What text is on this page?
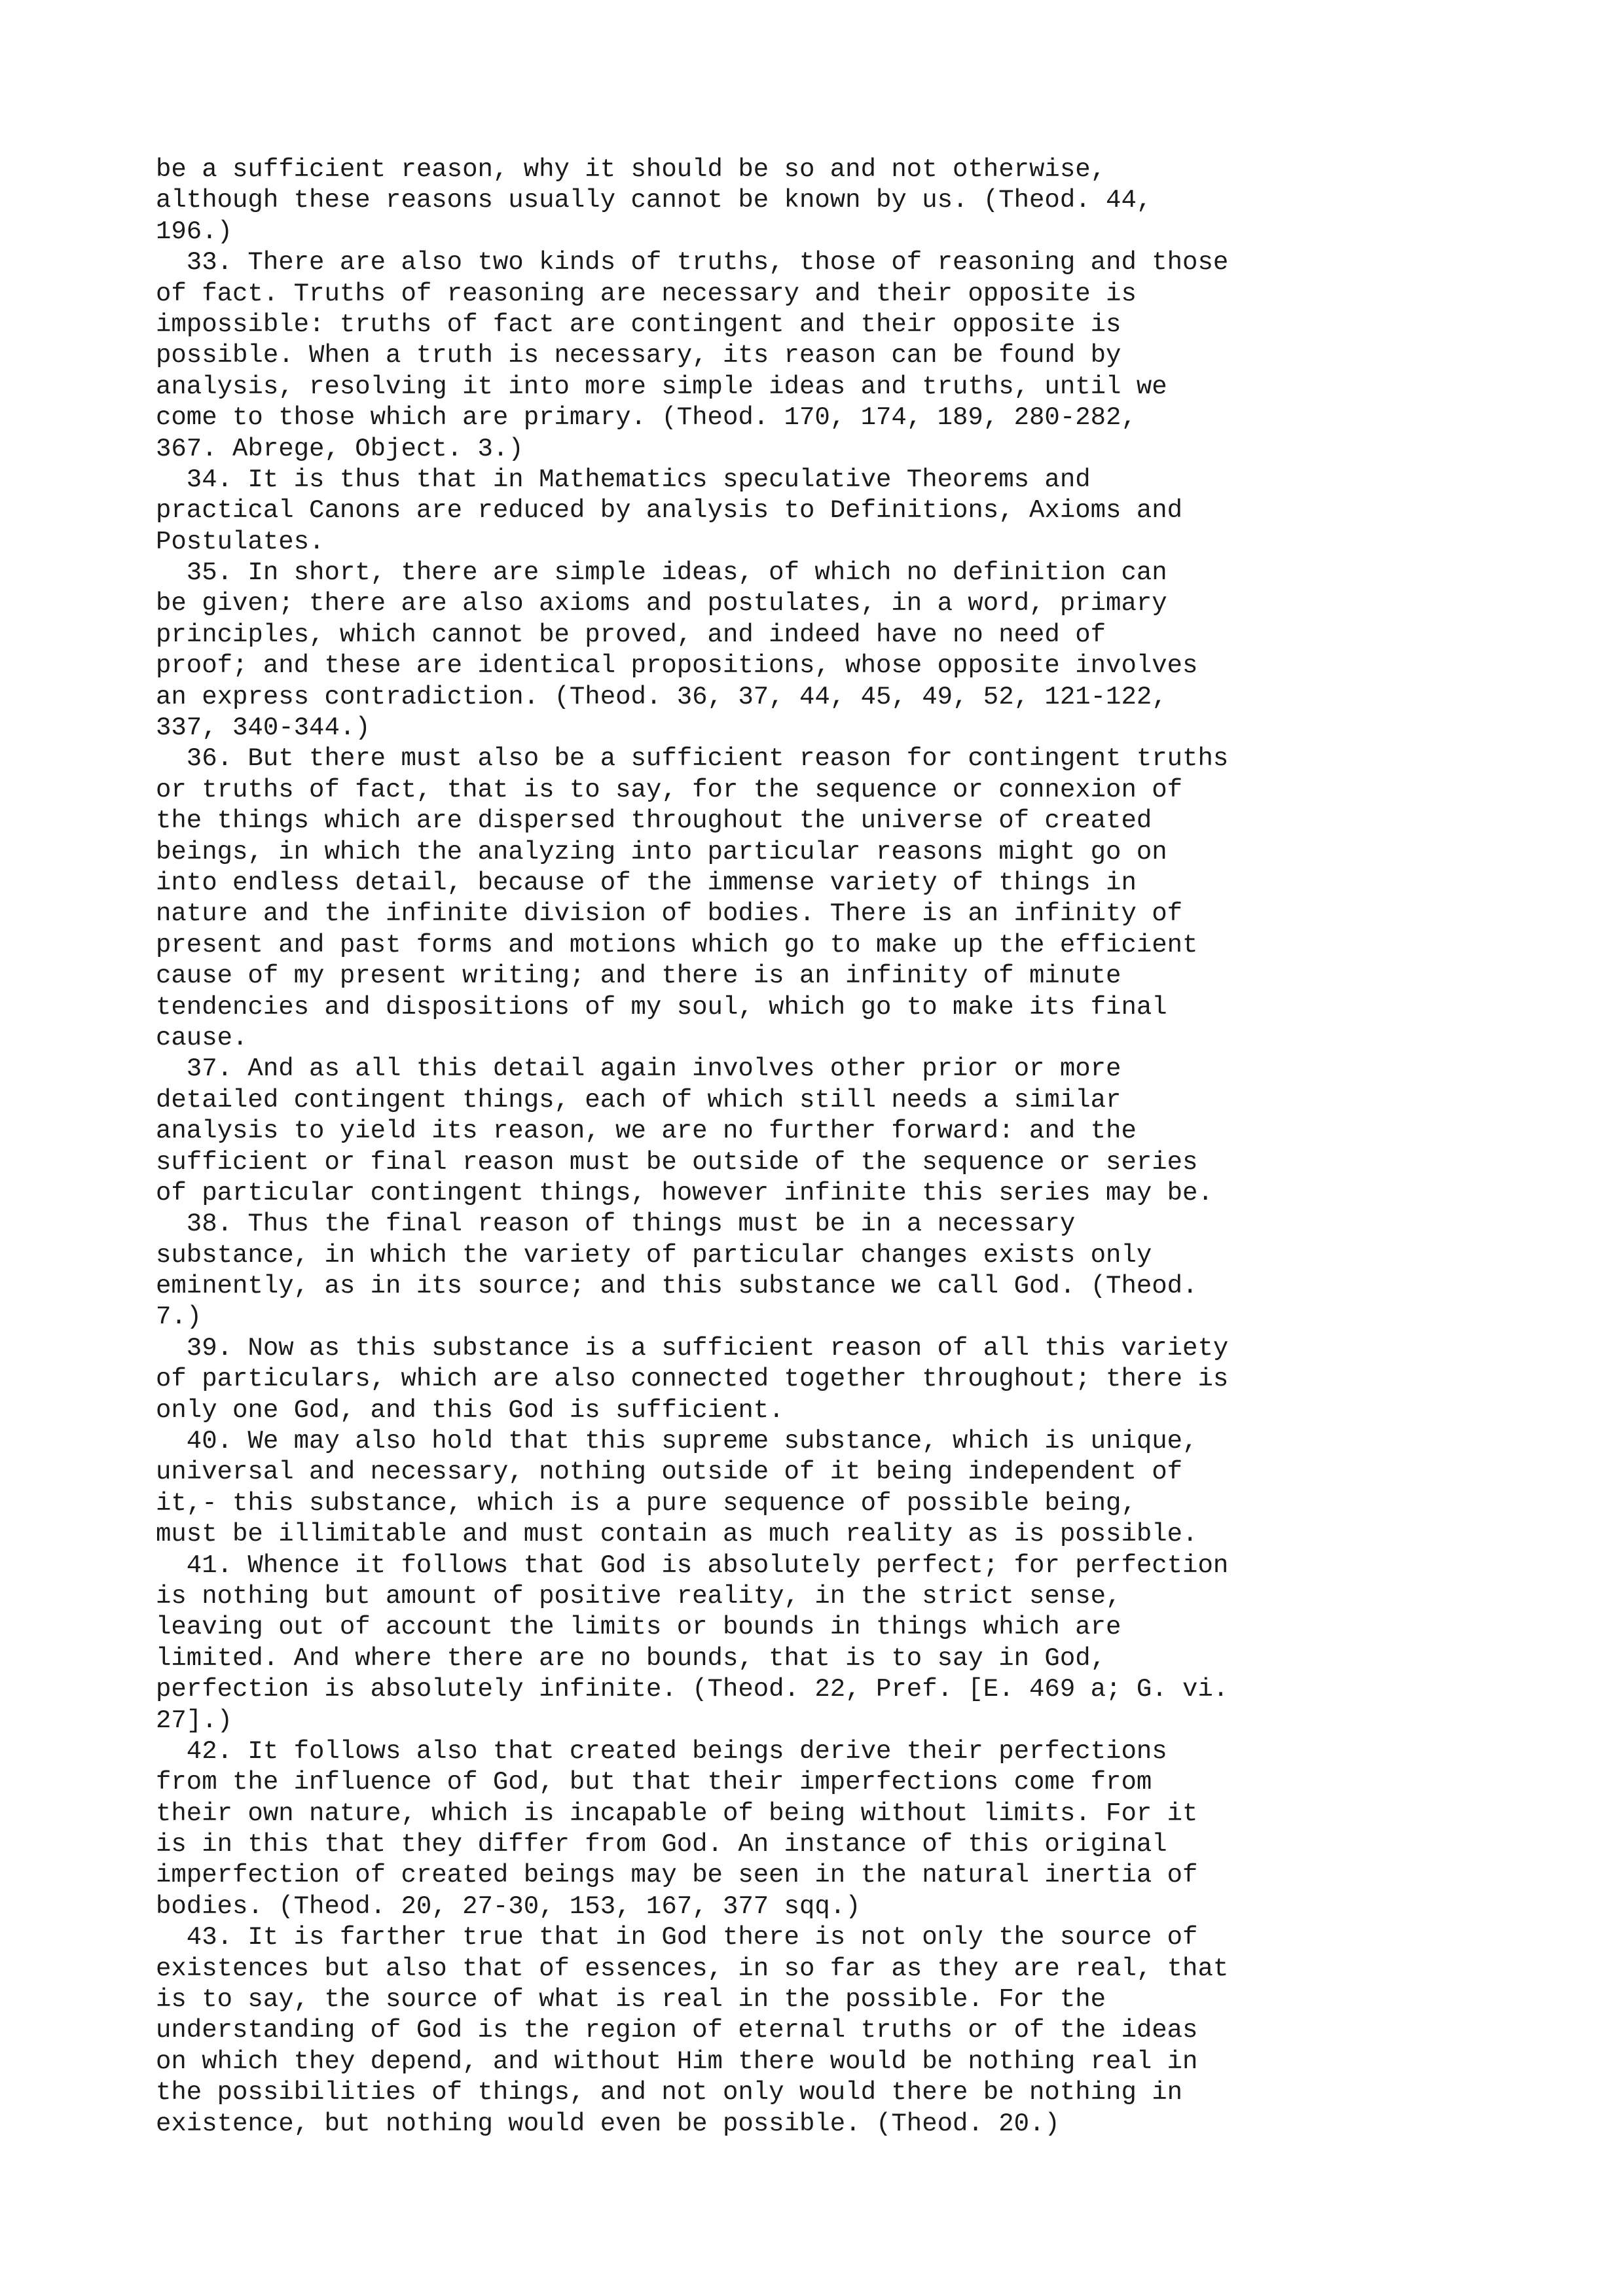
be a sufficient reason, why it should be so and not otherwise,
although these reasons usually cannot be known by us. (Theod. 44,
196.)
33. There are also two kinds of truths, those of reasoning and those
of fact. Truths of reasoning are necessary and their opposite is
impossible: truths of fact are contingent and their opposite is
possible. When a truth is necessary, its reason can be found by
analysis, resolving it into more simple ideas and truths, until we
come to those which are primary. (Theod. 170, 174, 189, 280-282,
367. Abrege, Object. 3.)
34. It is thus that in Mathematics speculative Theorems and
practical Canons are reduced by analysis to Definitions, Axioms and
Postulates.
35. In short, there are simple ideas, of which no definition can
be given; there are also axioms and postulates, in a word, primary
principles, which cannot be proved, and indeed have no need of
proof; and these are identical propositions, whose opposite involves
an express contradiction. (Theod. 36, 37, 44, 45, 49, 52, 121-122,
337, 340-344.)
36. But there must also be a sufficient reason for contingent truths
or truths of fact, that is to say, for the sequence or connexion of
the things which are dispersed throughout the universe of created
beings, in which the analyzing into particular reasons might go on
into endless detail, because of the immense variety of things in
nature and the infinite division of bodies. There is an infinity of
present and past forms and motions which go to make up the efficient
cause of my present writing; and there is an infinity of minute
tendencies and dispositions of my soul, which go to make its final
cause.
37. And as all this detail again involves other prior or more
detailed contingent things, each of which still needs a similar
analysis to yield its reason, we are no further forward: and the
sufficient or final reason must be outside of the sequence or series
of particular contingent things, however infinite this series may be.
38. Thus the final reason of things must be in a necessary
substance, in which the variety of particular changes exists only
eminently, as in its source; and this substance we call God. (Theod.
7.)
39. Now as this substance is a sufficient reason of all this variety
of particulars, which are also connected together throughout; there is
only one God, and this God is sufficient.
40. We may also hold that this supreme substance, which is unique,
universal and necessary, nothing outside of it being independent of
it,- this substance, which is a pure sequence of possible being,
must be illimitable and must contain as much reality as is possible.
41. Whence it follows that God is absolutely perfect; for perfection
is nothing but amount of positive reality, in the strict sense,
leaving out of account the limits or bounds in things which are
limited. And where there are no bounds, that is to say in God,
perfection is absolutely infinite. (Theod. 22, Pref. [E. 469 a; G. vi.
27].)
42. It follows also that created beings derive their perfections
from the influence of God, but that their imperfections come from
their own nature, which is incapable of being without limits. For it
is in this that they differ from God. An instance of this original
imperfection of created beings may be seen in the natural inertia of
bodies. (Theod. 20, 27-30, 153, 167, 377 sqq.)
43. It is farther true that in God there is not only the source of
existences but also that of essences, in so far as they are real, that
is to say, the source of what is real in the possible. For the
understanding of God is the region of eternal truths or of the ideas
on which they depend, and without Him there would be nothing real in
the possibilities of things, and not only would there be nothing in
existence, but nothing would even be possible. (Theod. 20.)
